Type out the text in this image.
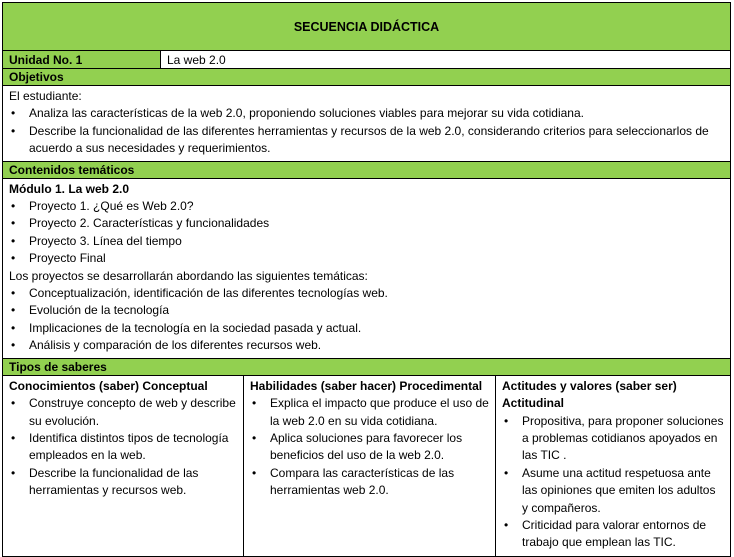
SECUENCIA DIDÁCTICA
Unidad No. 1	La web 2.0
Objetivos
El estudiante:
• Analiza las características de la web 2.0, proponiendo soluciones viables para mejorar su vida cotidiana.
• Describe la funcionalidad de las diferentes herramientas y recursos de la web 2.0, considerando criterios para seleccionarlos de acuerdo a sus necesidades y requerimientos.
Contenidos temáticos
Módulo 1. La web 2.0
• Proyecto 1. ¿Qué es Web 2.0?
• Proyecto 2. Características y funcionalidades
• Proyecto 3. Línea del tiempo
• Proyecto Final
Los proyectos se desarrollarán abordando las siguientes temáticas:
• Conceptualización, identificación de las diferentes tecnologías web.
• Evolución de la tecnología
• Implicaciones de la tecnología en la sociedad pasada y actual.
• Análisis y comparación de los diferentes recursos web.
Tipos de saberes
Conocimientos (saber) Conceptual
• Construye concepto de web y describe su evolución.
• Identifica distintos tipos de tecnología empleados en la web.
• Describe la funcionalidad de las herramientas y recursos web.
Habilidades (saber hacer) Procedimental
• Explica el impacto que produce el uso de la web 2.0 en su vida cotidiana.
• Aplica soluciones para favorecer los beneficios del uso de la web 2.0.
• Compara las características de las herramientas web 2.0.
Actitudes y valores (saber ser) Actitudinal
• Propositiva, para proponer soluciones a problemas cotidianos apoyados en las TIC .
• Asume una actitud respetuosa ante las opiniones que emiten los adultos y compañeros.
• Criticidad para valorar entornos de trabajo que emplean las TIC.
